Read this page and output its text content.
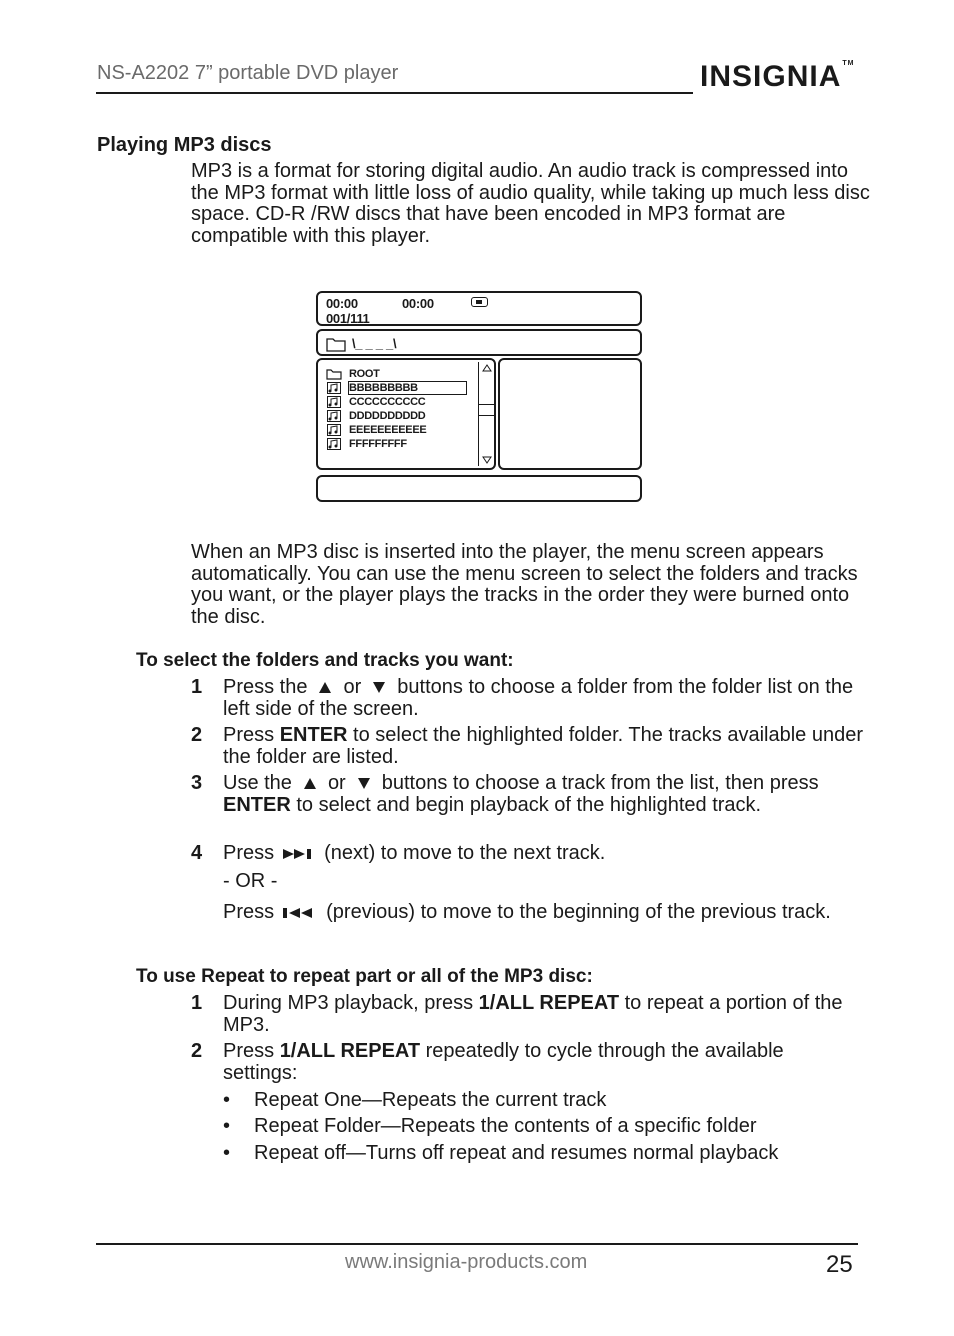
NS-A2202 7” portable DVD player	INSIGNIA™
Playing MP3 discs
MP3 is a format for storing digital audio. An audio track is compressed into the MP3 format with little loss of audio quality, while taking up much less disc space. CD-R /RW discs that have been encoded in MP3 format are compatible with this player.
00:00	00:00
001/111
\_ _ _ _\
ROOT
BBBBBBBBB
CCCCCCCCCC
DDDDDDDDDD
EEEEEEEEEEE
FFFFFFFFF
When an MP3 disc is inserted into the player, the menu screen appears automatically. You can use the menu screen to select the folders and tracks you want, or the player plays the tracks in the order they were burned onto the disc.
To select the folders and tracks you want:
1 Press the or buttons to choose a folder from the folder list on the left side of the screen.
2 Press ENTER to select the highlighted folder. The tracks available under the folder are listed.
3 Use the or buttons to choose a track from the list, then press ENTER to select and begin playback of the highlighted track.
4 Press	(next) to move to the next track.
- OR -
Press	(previous) to move to the beginning of the previous track.
To use Repeat to repeat part or all of the MP3 disc:
1 During MP3 playback, press 1/ALL REPEAT to repeat a portion of the MP3.
2 Press 1/ALL REPEAT repeatedly to cycle through the available settings:
• Repeat One—Repeats the current track
• Repeat Folder—Repeats the contents of a specific folder
• Repeat off—Turns off repeat and resumes normal playback
www.insignia-products.com	25
